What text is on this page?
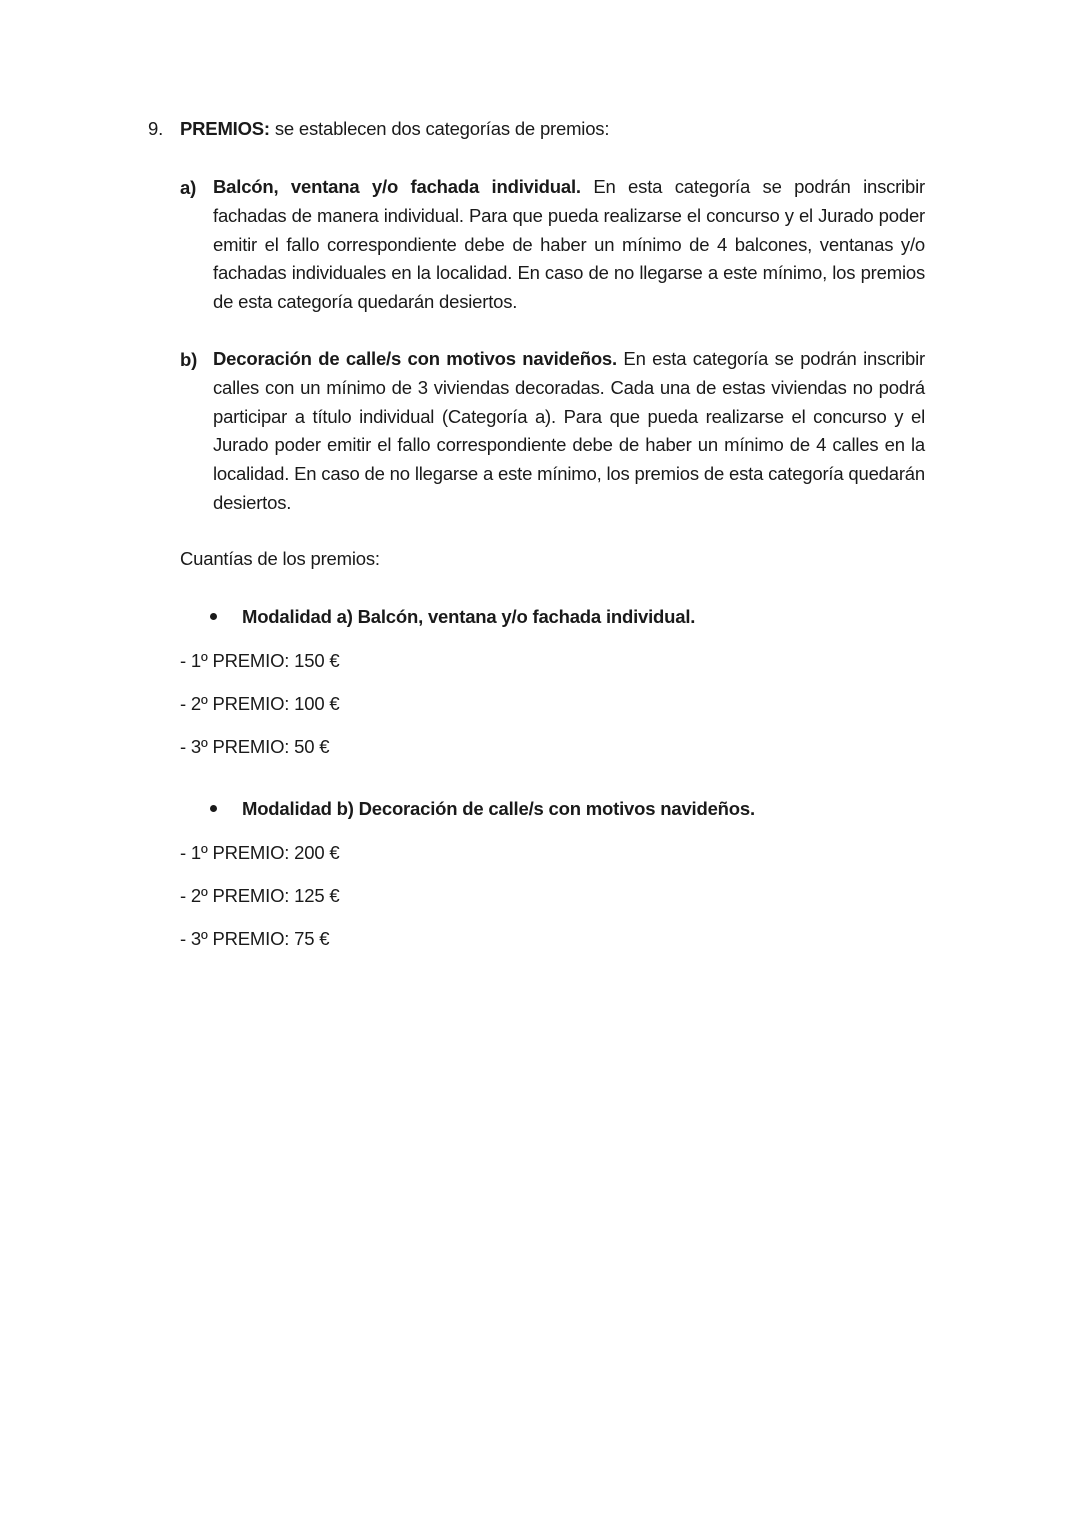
9. PREMIOS: se establecen dos categorías de premios:
a) Balcón, ventana y/o fachada individual. En esta categoría se podrán inscribir fachadas de manera individual. Para que pueda realizarse el concurso y el Jurado poder emitir el fallo correspondiente debe de haber un mínimo de 4 balcones, ventanas y/o fachadas individuales en la localidad. En caso de no llegarse a este mínimo, los premios de esta categoría quedarán desiertos.
b) Decoración de calle/s con motivos navideños. En esta categoría se podrán inscribir calles con un mínimo de 3 viviendas decoradas. Cada una de estas viviendas no podrá participar a título individual (Categoría a). Para que pueda realizarse el concurso y el Jurado poder emitir el fallo correspondiente debe de haber un mínimo de 4 calles en la localidad. En caso de no llegarse a este mínimo, los premios de esta categoría quedarán desiertos.
Cuantías de los premios:
Modalidad a) Balcón, ventana y/o fachada individual.
- 1º PREMIO: 150 €
- 2º PREMIO: 100 €
- 3º PREMIO: 50 €
Modalidad b) Decoración de calle/s con motivos navideños.
- 1º PREMIO: 200 €
- 2º PREMIO: 125 €
- 3º PREMIO: 75 €
